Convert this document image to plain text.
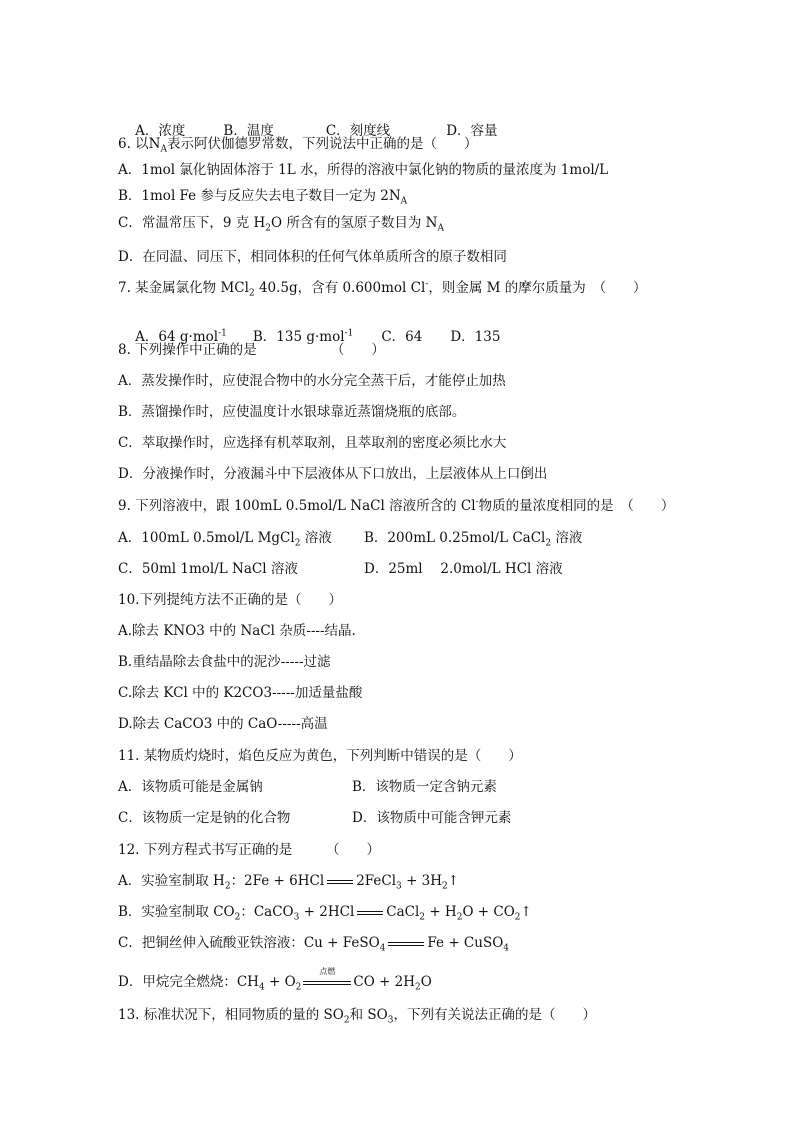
A．浓度	B．温度	C．刻度线	D．容量

6. 以$N_A$表示阿伏伽德罗常数，下列说法中正确的是（　　）
A．1mol 氯化钠固体溶于 1L 水，所得的溶液中氯化钠的物质的量浓度为 1mol/L
B．1mol Fe 参与反应失去电子数目一定为 $2N_A$
C．常温常压下，9 克 $H_2O$ 所含有的氢原子数目为 $N_A$
D．在同温、同压下，相同体积的任何气体单质所含的原子数相同
7. 某金属氯化物 MCl$_2$ 40.5g，含有 0.600mol Cl-，则金属 M 的摩尔质量为　（　　）

A．64 g·mol$^{-1}$ B．135 g·mol$^{-1}$ C．64 D．135

8. 下列操作中正确的是　　　　　　（　　）
A．蒸发操作时，应使混合物中的水分完全蒸干后，才能停止加热
B．蒸馏操作时，应使温度计水银球靠近蒸馏烧瓶的底部。
C．萃取操作时，应选择有机萃取剂，且萃取剂的密度必须比水大
D．分液操作时，分液漏斗中下层液体从下口放出，上层液体从上口倒出
9. 下列溶液中，跟 100mL 0.5mol/L NaCl 溶液所含的 Cl-物质的量浓度相同的是　（　　）
A．100mL 0.5mol/L MgCl$_2$ 溶液 B．200mL 0.25mol/L CaCl$_2$ 溶液
C．50ml 1mol/L NaCl 溶液	D．25ml　 2.0mol/L HCl 溶液
10.下列提纯方法不正确的是（　　）
A.除去 KNO3 中的 NaCl 杂质----结晶.
B.重结晶除去食盐中的泥沙-----过滤
C.除去 KCl 中的 K2CO3-----加适量盐酸
D.除去 CaCO3 中的 CaO-----高温
11. 某物质灼烧时，焰色反应为黄色，下列判断中错误的是（　　）
A．该物质可能是金属钠	B．该物质一定含钠元素
C．该物质一定是钠的化合物	D．该物质中可能含钾元素
12. 下列方程式书写正确的是　　　（　　）
A．实验室制取 $H_2$：2Fe + 6HCl 2FeCl$_3$ + $3H_2↑$
B．实验室制取 $CO_2$：CaCO$_3$ + 2HCl CaCl$_2$ + $H_2O$ + $CO_2↑$
C．把铜丝伸入硫酸亚铁溶液：Cu + FeSO$_4$	Fe + CuSO$_4$
D．甲烷完全燃烧：$CH_4 + O_2$
点燃
CO + $2H_2O$
13. 标准状况下，相同物质的量的 $SO_2$和 $SO_3$，下列有关说法正确的是（　　）
